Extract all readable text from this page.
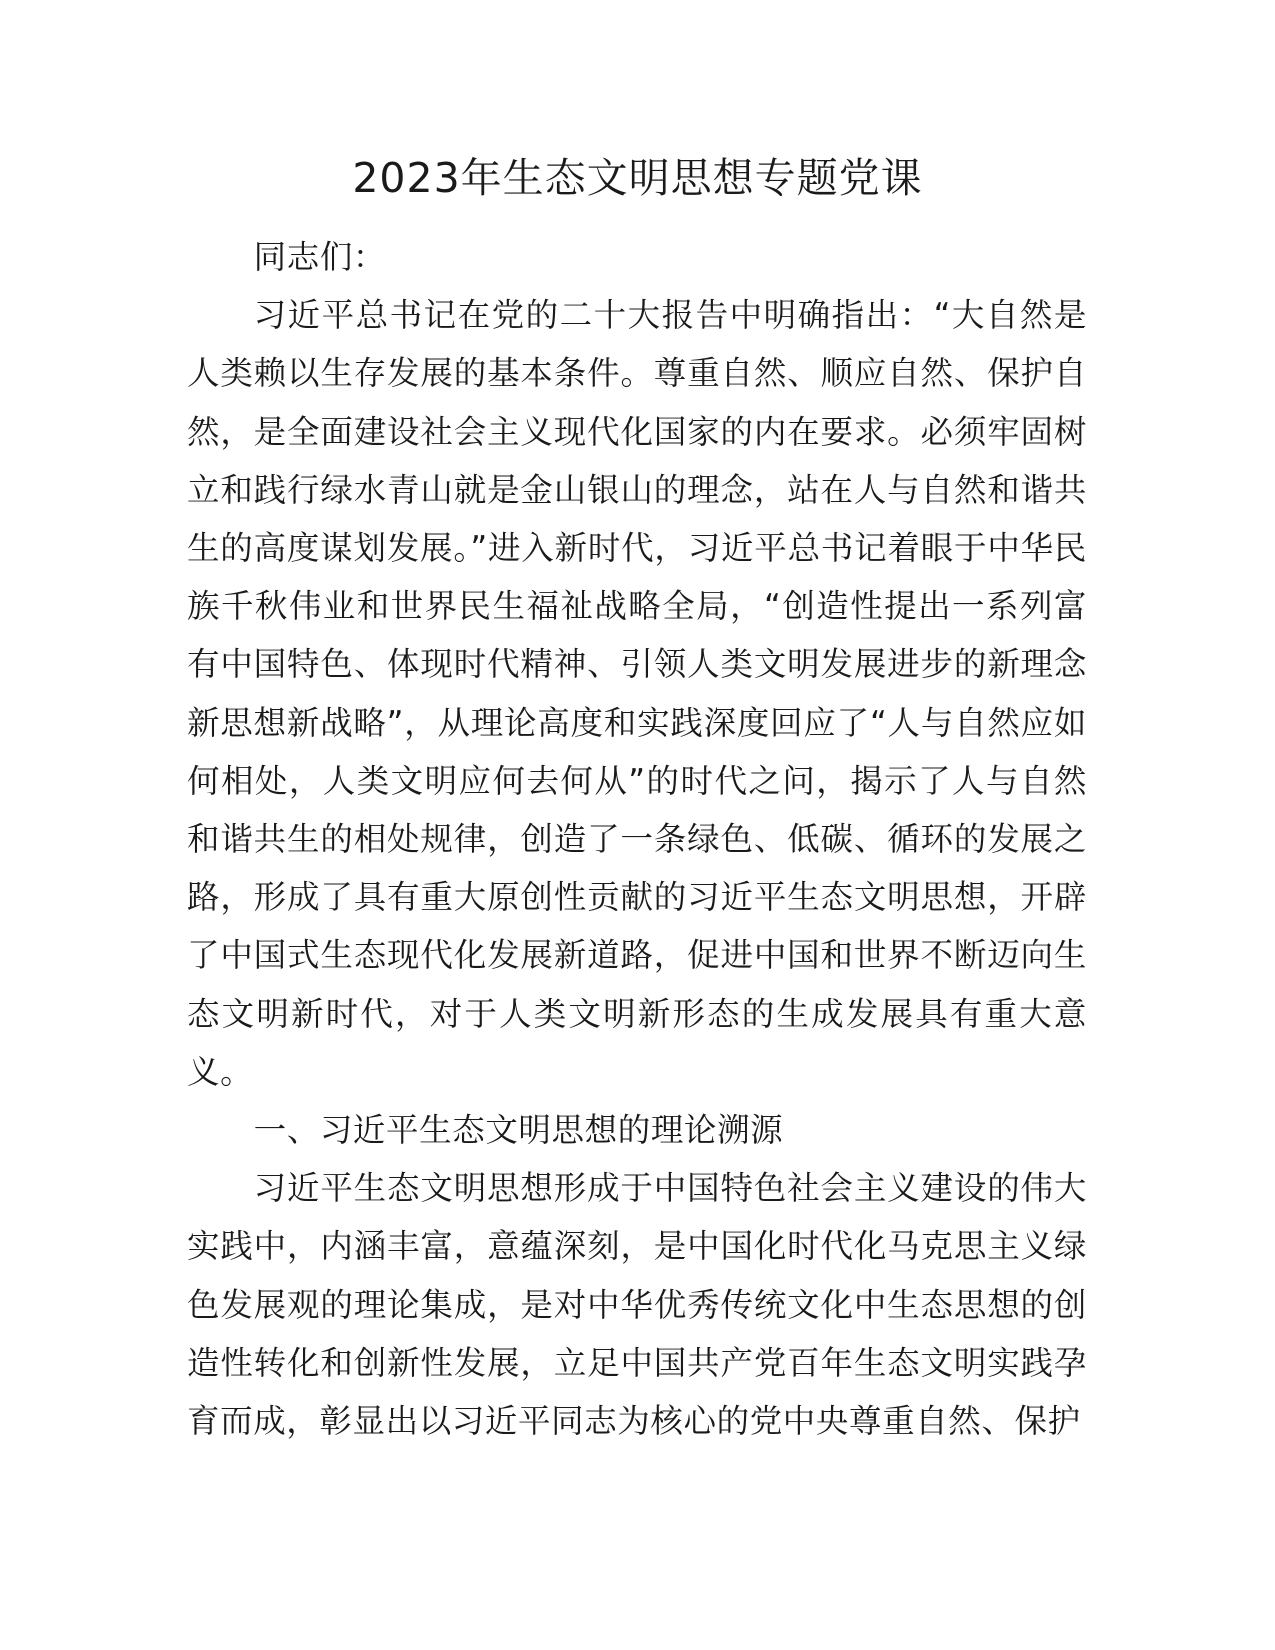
2023年生态文明思想专题党课

同志们：

习近平总书记在党的二十大报告中明确指出：“大自然是人类赖以生存发展的基本条件。尊重自然、顺应自然、保护自然，是全面建设社会主义现代化国家的内在要求。必须牢固树立和践行绿水青山就是金山银山的理念，站在人与自然和谐共生的高度谋划发展。”进入新时代，习近平总书记着眼于中华民族千秋伟业和世界民生福祉战略全局，“创造性提出一系列富有中国特色、体现时代精神、引领人类文明发展进步的新理念新思想新战略”，从理论高度和实践深度回应了“人与自然应如何相处，人类文明应何去何从”的时代之问，揭示了人与自然和谐共生的相处规律，创造了一条绿色、低碳、循环的发展之路，形成了具有重大原创性贡献的习近平生态文明思想，开辟了中国式生态现代化发展新道路，促进中国和世界不断迈向生态文明新时代，对于人类文明新形态的生成发展具有重大意义。

一、习近平生态文明思想的理论溯源

习近平生态文明思想形成于中国特色社会主义建设的伟大实践中，内涵丰富，意蕴深刻，是中国化时代化马克思主义绿色发展观的理论集成，是对中华优秀传统文化中生态思想的创造性转化和创新性发展，立足中国共产党百年生态文明实践孕育而成，彰显出以习近平同志为核心的党中央尊重自然、保护
